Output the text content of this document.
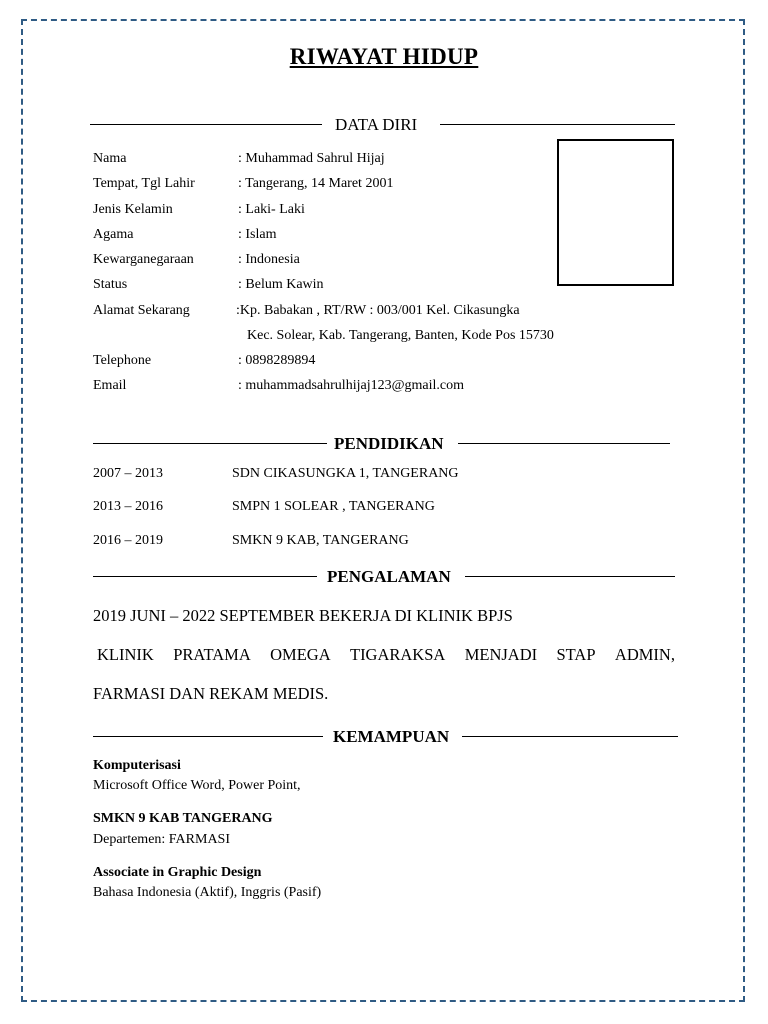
RIWAYAT HIDUP
DATA DIRI
Nama	: Muhammad Sahrul Hijaj
Tempat, Tgl Lahir	: Tangerang, 14 Maret 2001
Jenis Kelamin	: Laki- Laki
Agama	: Islam
Kewarganegaraan	: Indonesia
Status	: Belum Kawin
Alamat Sekarang	:Kp. Babakan , RT/RW : 003/001 Kel. Cikasungka
Kec. Solear, Kab. Tangerang, Banten, Kode Pos 15730
Telephone	: 0898289894
Email	: muhammadsahrulhijaj123@gmail.com
PENDIDIKAN
2007 – 2013	SDN CIKASUNGKA 1, TANGERANG
2013 – 2016	SMPN 1 SOLEAR , TANGERANG
2016 – 2019	SMKN 9 KAB, TANGERANG
PENGALAMAN
2019 JUNI – 2022 SEPTEMBER BEKERJA DI KLINIK BPJS
KLINIK PRATAMA OMEGA TIGARAKSA MENJADI STAP ADMIN,
FARMASI DAN REKAM MEDIS.
KEMAMPUAN
Komputerisasi
Microsoft Office Word, Power Point,
SMKN 9 KAB TANGERANG
Departemen: FARMASI
Associate in Graphic Design
Bahasa Indonesia (Aktif), Inggris (Pasif)
